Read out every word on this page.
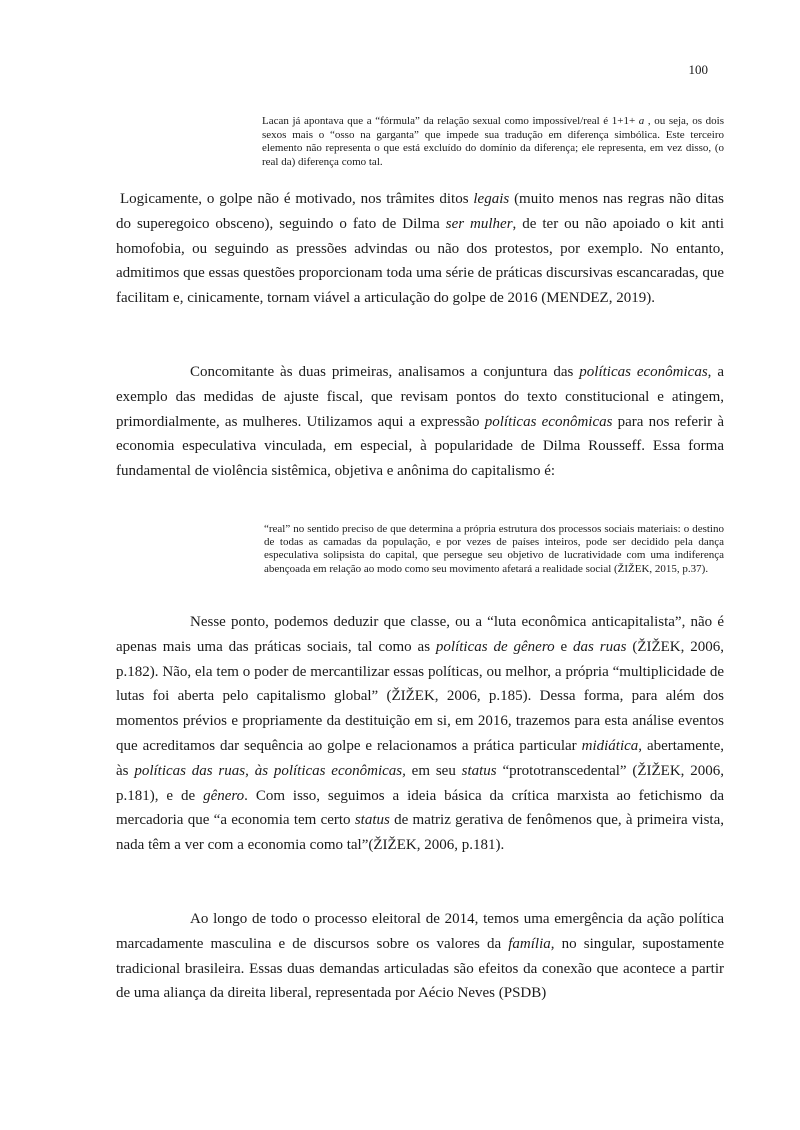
100
Lacan já apontava que a “fórmula” da relação sexual como impossível/real é 1+1+ a , ou seja, os dois sexos mais o “osso na garganta” que impede sua tradução em diferença simbólica. Este terceiro elemento não representa o que está excluído do domínio da diferença; ele representa, em vez disso, (o real da) diferença como tal.

Logicamente, o golpe não é motivado, nos trâmites ditos legais (muito menos nas regras não ditas do superegoico obsceno), seguindo o fato de Dilma ser mulher, de ter ou não apoiado o kit anti homofobia, ou seguindo as pressões advindas ou não dos protestos, por exemplo. No entanto, admitimos que essas questões proporcionam toda uma série de práticas discursivas escancaradas, que facilitam e, cinicamente, tornam viável a articulação do golpe de 2016 (MENDEZ, 2019).

Concomitante às duas primeiras, analisamos a conjuntura das políticas econômicas, a exemplo das medidas de ajuste fiscal, que revisam pontos do texto constitucional e atingem, primordialmente, as mulheres. Utilizamos aqui a expressão políticas econômicas para nos referir à economia especulativa vinculada, em especial, à popularidade de Dilma Rousseff. Essa forma fundamental de violência sistêmica, objetiva e anônima do capitalismo é:

“real” no sentido preciso de que determina a própria estrutura dos processos sociais materiais: o destino de todas as camadas da população, e por vezes de países inteiros, pode ser decidido pela dança especulativa solipsista do capital, que persegue seu objetivo de lucratividade com uma indiferença abençoada em relação ao modo como seu movimento afetará a realidade social (ŽIŽEK, 2015, p.37).

Nesse ponto, podemos deduzir que classe, ou a “luta econômica anticapitalista”, não é apenas mais uma das práticas sociais, tal como as políticas de gênero e das ruas (ŽIŽEK, 2006, p.182). Não, ela tem o poder de mercantilizar essas políticas, ou melhor, a própria “multiplicidade de lutas foi aberta pelo capitalismo global” (ŽIŽEK, 2006, p.185). Dessa forma, para além dos momentos prévios e propriamente da destituição em si, em 2016, trazemos para esta análise eventos que acreditamos dar sequência ao golpe e relacionamos a prática particular midiática, abertamente, às políticas das ruas, às políticas econômicas, em seu status “prototranscedental” (ŽIŽEK, 2006, p.181), e de gênero. Com isso, seguimos a ideia básica da crítica marxista ao fetichismo da mercadoria que “a economia tem certo status de matriz gerativa de fenômenos que, à primeira vista, nada têm a ver com a economia como tal”(ŽIŽEK, 2006, p.181).

Ao longo de todo o processo eleitoral de 2014, temos uma emergência da ação política marcadamente masculina e de discursos sobre os valores da família, no singular, supostamente tradicional brasileira. Essas duas demandas articuladas são efeitos da conexão que acontece a partir de uma aliança da direita liberal, representada por Aécio Neves (PSDB)
